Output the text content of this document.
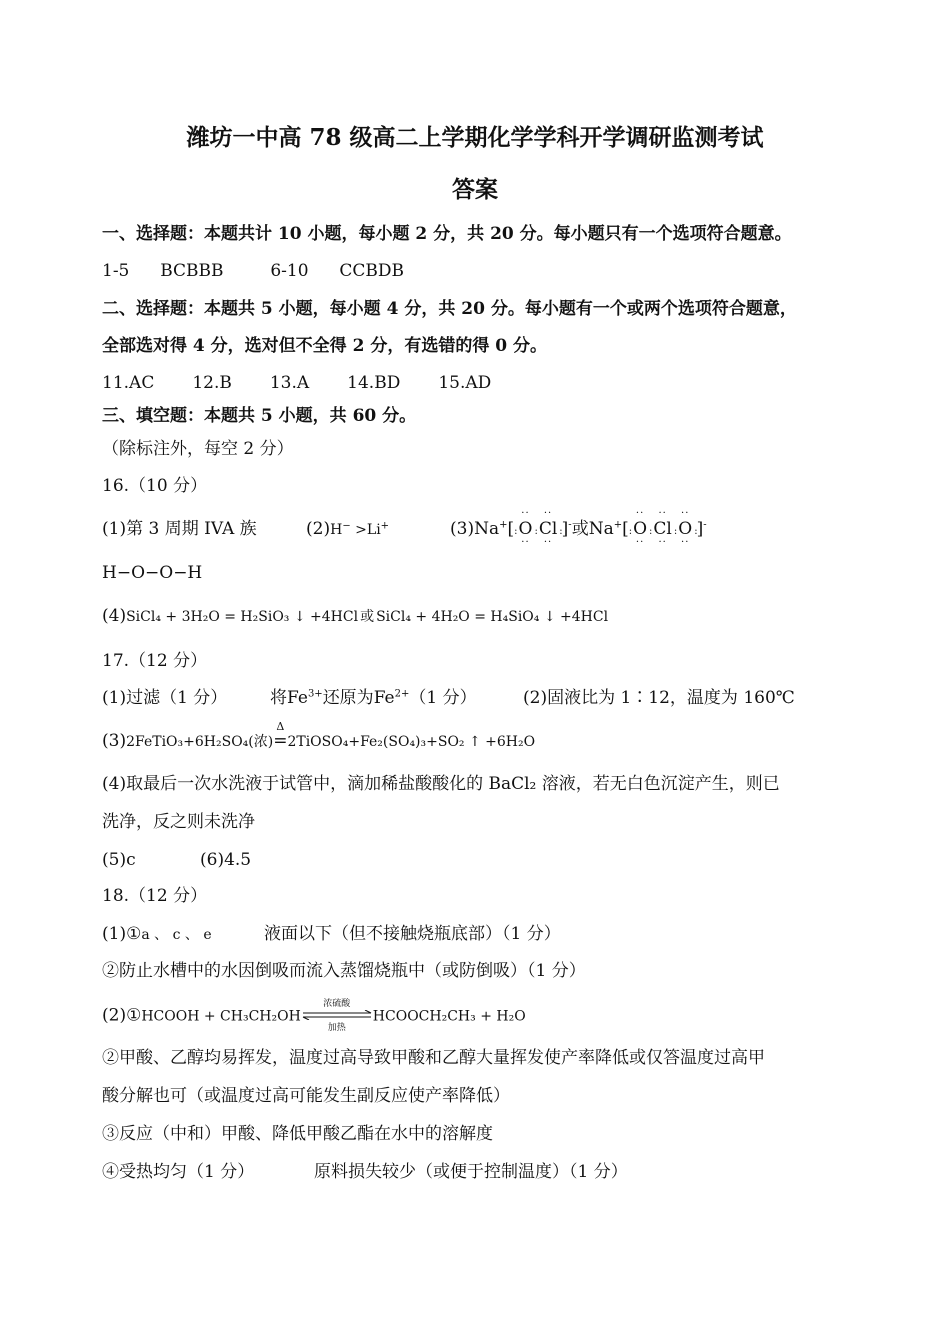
潍坊一中高 78 级高二上学期化学学科开学调研监测考试
答案
一、选择题：本题共计 10 小题，每小题 2 分，共 20 分。每小题只有一个选项符合题意。
1-5 BCBBB	6-10 CCBDB
二、选择题：本题共 5 小题，每小题 4 分，共 20 分。每小题有一个或两个选项符合题意，
全部选对得 4 分，选对但不全得 2 分，有选错的得 0 分。
11.AC 12.B 13.A 14.BD 15.AD
三、填空题：本题共 5 小题，共 60 分。
（除标注外，每空 2 分）
16.（10 分）
(1)第 3 周期 IVA 族	(2)H− >Li+	(3)Na+[:
··
O
··
:
··
Cl
··
:]-或Na+[:
··
O
··
:
··
Cl
··
:
··
O
··
:]-
H−O−O−H
(4)SiCl₄ + 3H₂O = H₂SiO₃ ↓ +4HCl 或 SiCl₄ + 4H₂O = H₄SiO₄ ↓ +4HCl
17.（12 分）
(1)过滤（1 分）	将$Fe^{3+}$还原为$Fe^{2+}(1$ 分）	(2)固液比为 1∶12，温度为 160℃
(3)2FeTiO₃+6H₂SO₄(浓)
Δ
=2TiOSO₄+Fe₂(SO₄)₃+SO₂ ↑ +6H₂O
(4)取最后一次水洗液于试管中，滴加稀盐酸酸化的 BaCl₂ 溶液，若无白色沉淀产生，则已
洗净，反之则未洗净
(5)c	(6)4.5
18.（12 分）
(1)①a 、 c 、 e	液面以下（但不接触烧瓶底部）（1 分）
②防止水槽中的水因倒吸而流入蒸馏烧瓶中（或防倒吸）（1 分）
(2)①HCOOH + CH₃CH₂OH
浓硫酸
加热
HCOOCH₂CH₃ + H₂O
②甲酸、乙醇均易挥发，温度过高导致甲酸和乙醇大量挥发使产率降低或仅答温度过高甲
酸分解也可（或温度过高可能发生副反应使产率降低）
③反应（中和）甲酸、降低甲酸乙酯在水中的溶解度
④受热均匀（1 分）	原料损失较少（或便于控制温度）（1 分）
